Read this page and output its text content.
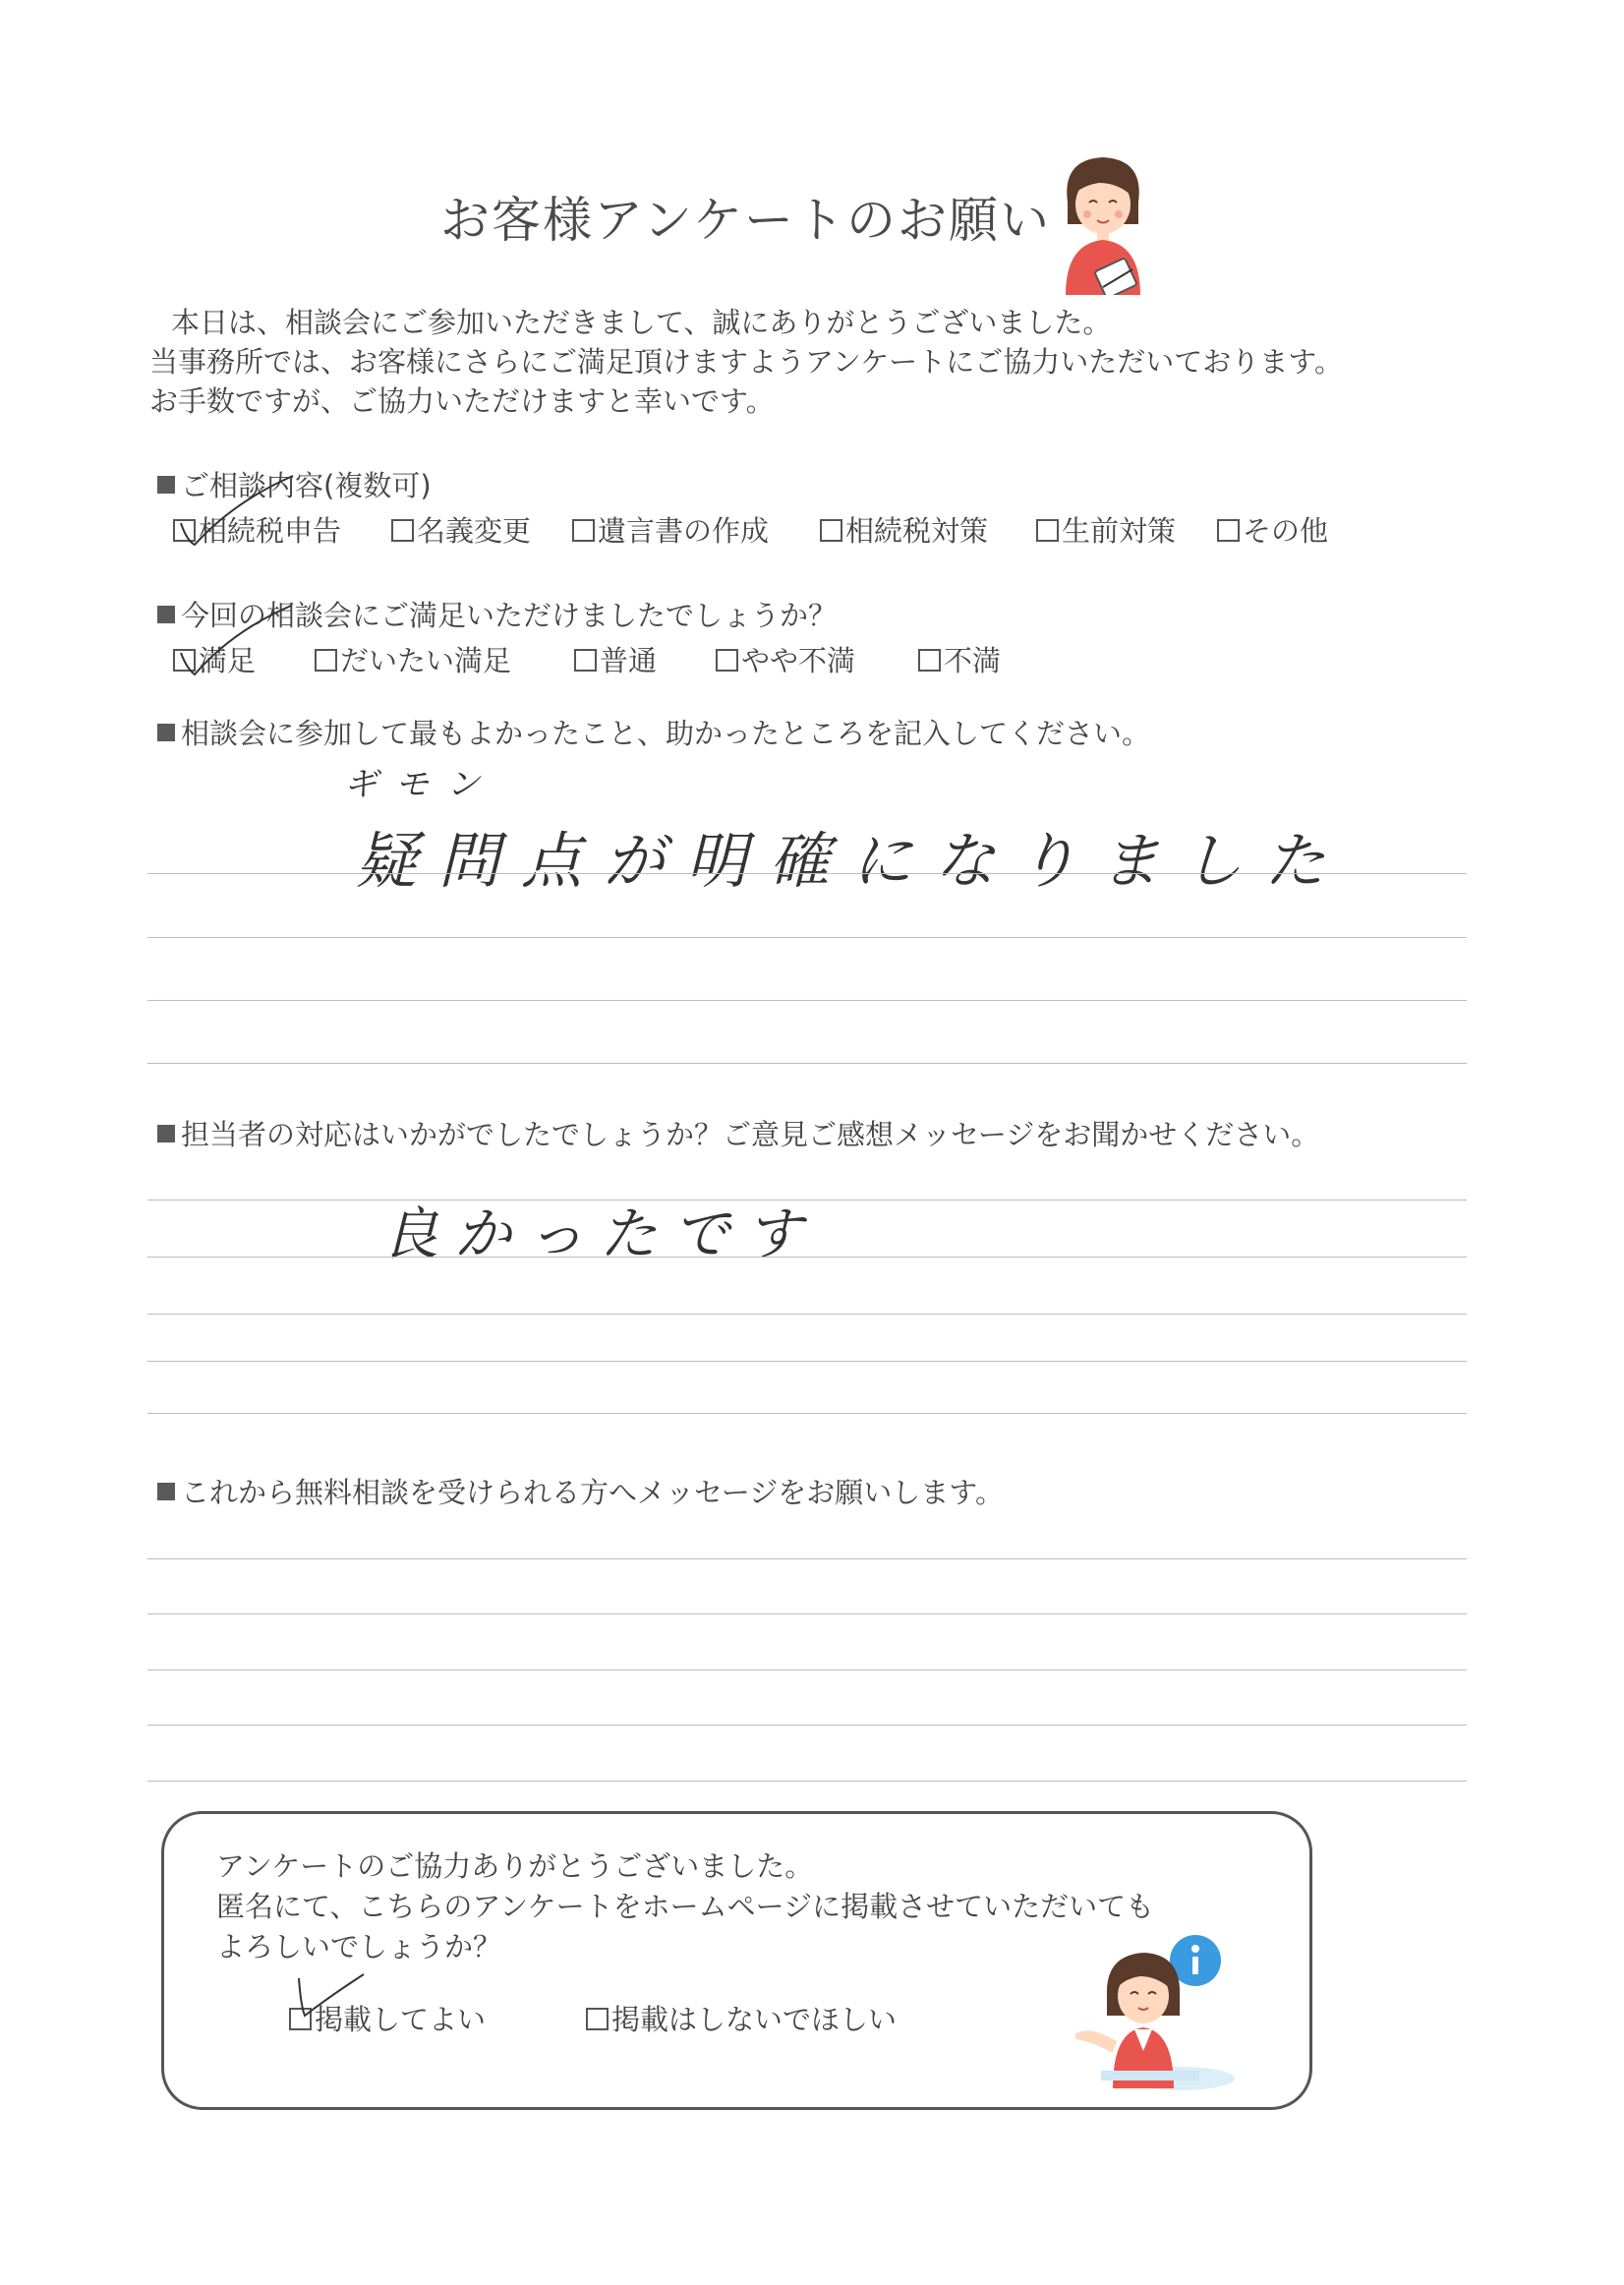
お客様アンケートのお願い
本日は、相談会にご参加いただきまして、誠にありがとうございました。
当事務所では、お客様にさらにご満足頂けますようアンケートにご協力いただいております。
お手数ですが、ご協力いただけますと幸いです。
ご相談内容(複数可)
相続税申告	名義変更	遺言書の作成	相続税対策	生前対策	その他
今回の相談会にご満足いただけましたでしょうか？
満足	だいたい満足	普通	やや不満	不満
相談会に参加して最もよかったこと、助かったところを記入してください。
ギモン
疑問点が明確になりました
担当者の対応はいかがでしたでしょうか？ご意見ご感想メッセージをお聞かせください。
良かったです
これから無料相談を受けられる方へメッセージをお願いします。
アンケートのご協力ありがとうございました。
匿名にて、こちらのアンケートをホームページに掲載させていただいても
よろしいでしょうか？
掲載してよい	掲載はしないでほしい
